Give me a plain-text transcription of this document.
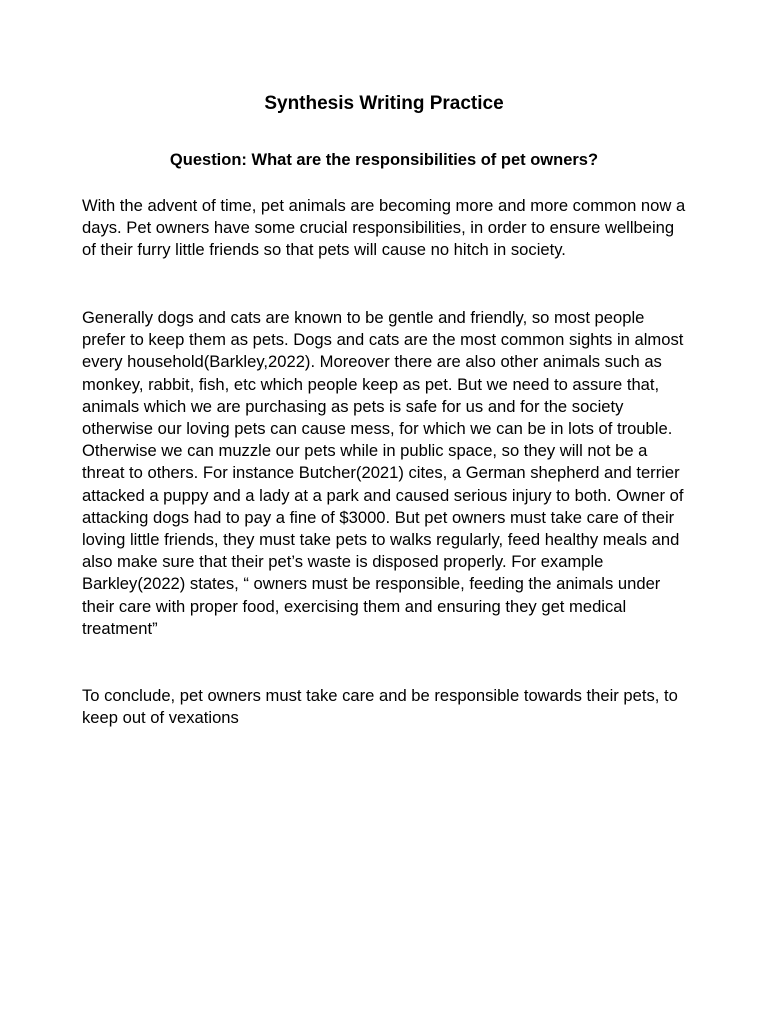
Synthesis Writing Practice
Question: What are the responsibilities of pet owners?

With the advent of time, pet animals are becoming more and more common now a days. Pet owners have some crucial responsibilities, in order to ensure wellbeing of their furry little friends so that pets will cause no hitch in society.

Generally dogs and cats are known to be gentle and friendly, so most people prefer to keep them as pets. Dogs and cats are the most common sights in almost every household(Barkley,2022). Moreover there are also other animals such as monkey, rabbit, fish, etc which people keep as pet. But we need to assure that, animals which we are purchasing as pets is safe for us and for the society otherwise our loving pets can cause mess, for which we can be in lots of trouble. Otherwise we can muzzle our pets while in public space, so they will not be a threat to others. For instance Butcher(2021) cites, a German shepherd and terrier attacked a puppy and a lady at a park and caused serious injury to both. Owner of attacking dogs had to pay a fine of $3000. But pet owners must take care of their loving little friends, they must take pets to walks regularly, feed healthy meals and also make sure that their pet’s waste is disposed properly. For example Barkley(2022) states, “ owners must be responsible, feeding the animals under their care with proper food, exercising them and ensuring they get medical treatment”

To conclude, pet owners must take care and be responsible towards their pets, to keep out of vexations
